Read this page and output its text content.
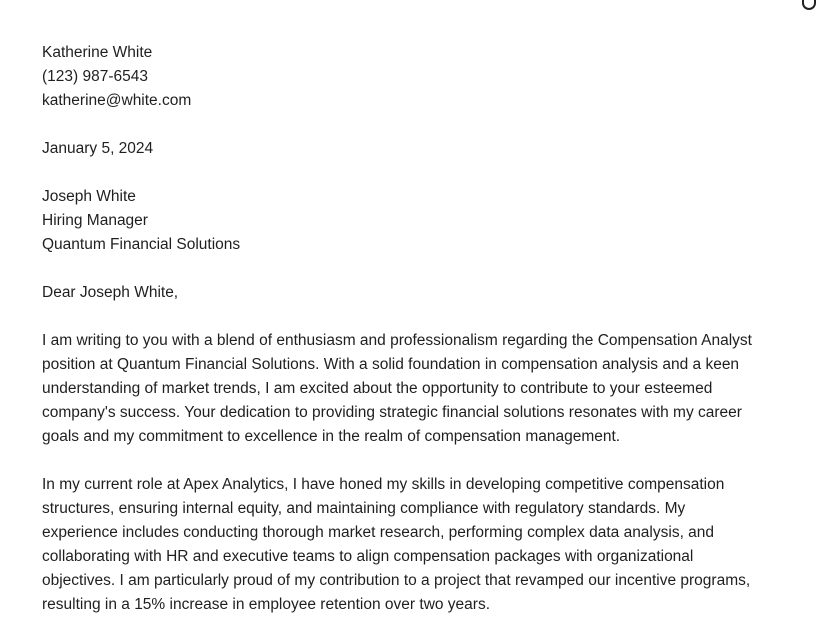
Katherine White
(123) 987-6543
katherine@white.com
January 5, 2024
Joseph White
Hiring Manager
Quantum Financial Solutions
Dear Joseph White,

I am writing to you with a blend of enthusiasm and professionalism regarding the Compensation Analyst
position at Quantum Financial Solutions. With a solid foundation in compensation analysis and a keen
understanding of market trends, I am excited about the opportunity to contribute to your esteemed
company's success. Your dedication to providing strategic financial solutions resonates with my career
goals and my commitment to excellence in the realm of compensation management.

In my current role at Apex Analytics, I have honed my skills in developing competitive compensation
structures, ensuring internal equity, and maintaining compliance with regulatory standards. My
experience includes conducting thorough market research, performing complex data analysis, and
collaborating with HR and executive teams to align compensation packages with organizational
objectives. I am particularly proud of my contribution to a project that revamped our incentive programs,
resulting in a 15% increase in employee retention over two years.
